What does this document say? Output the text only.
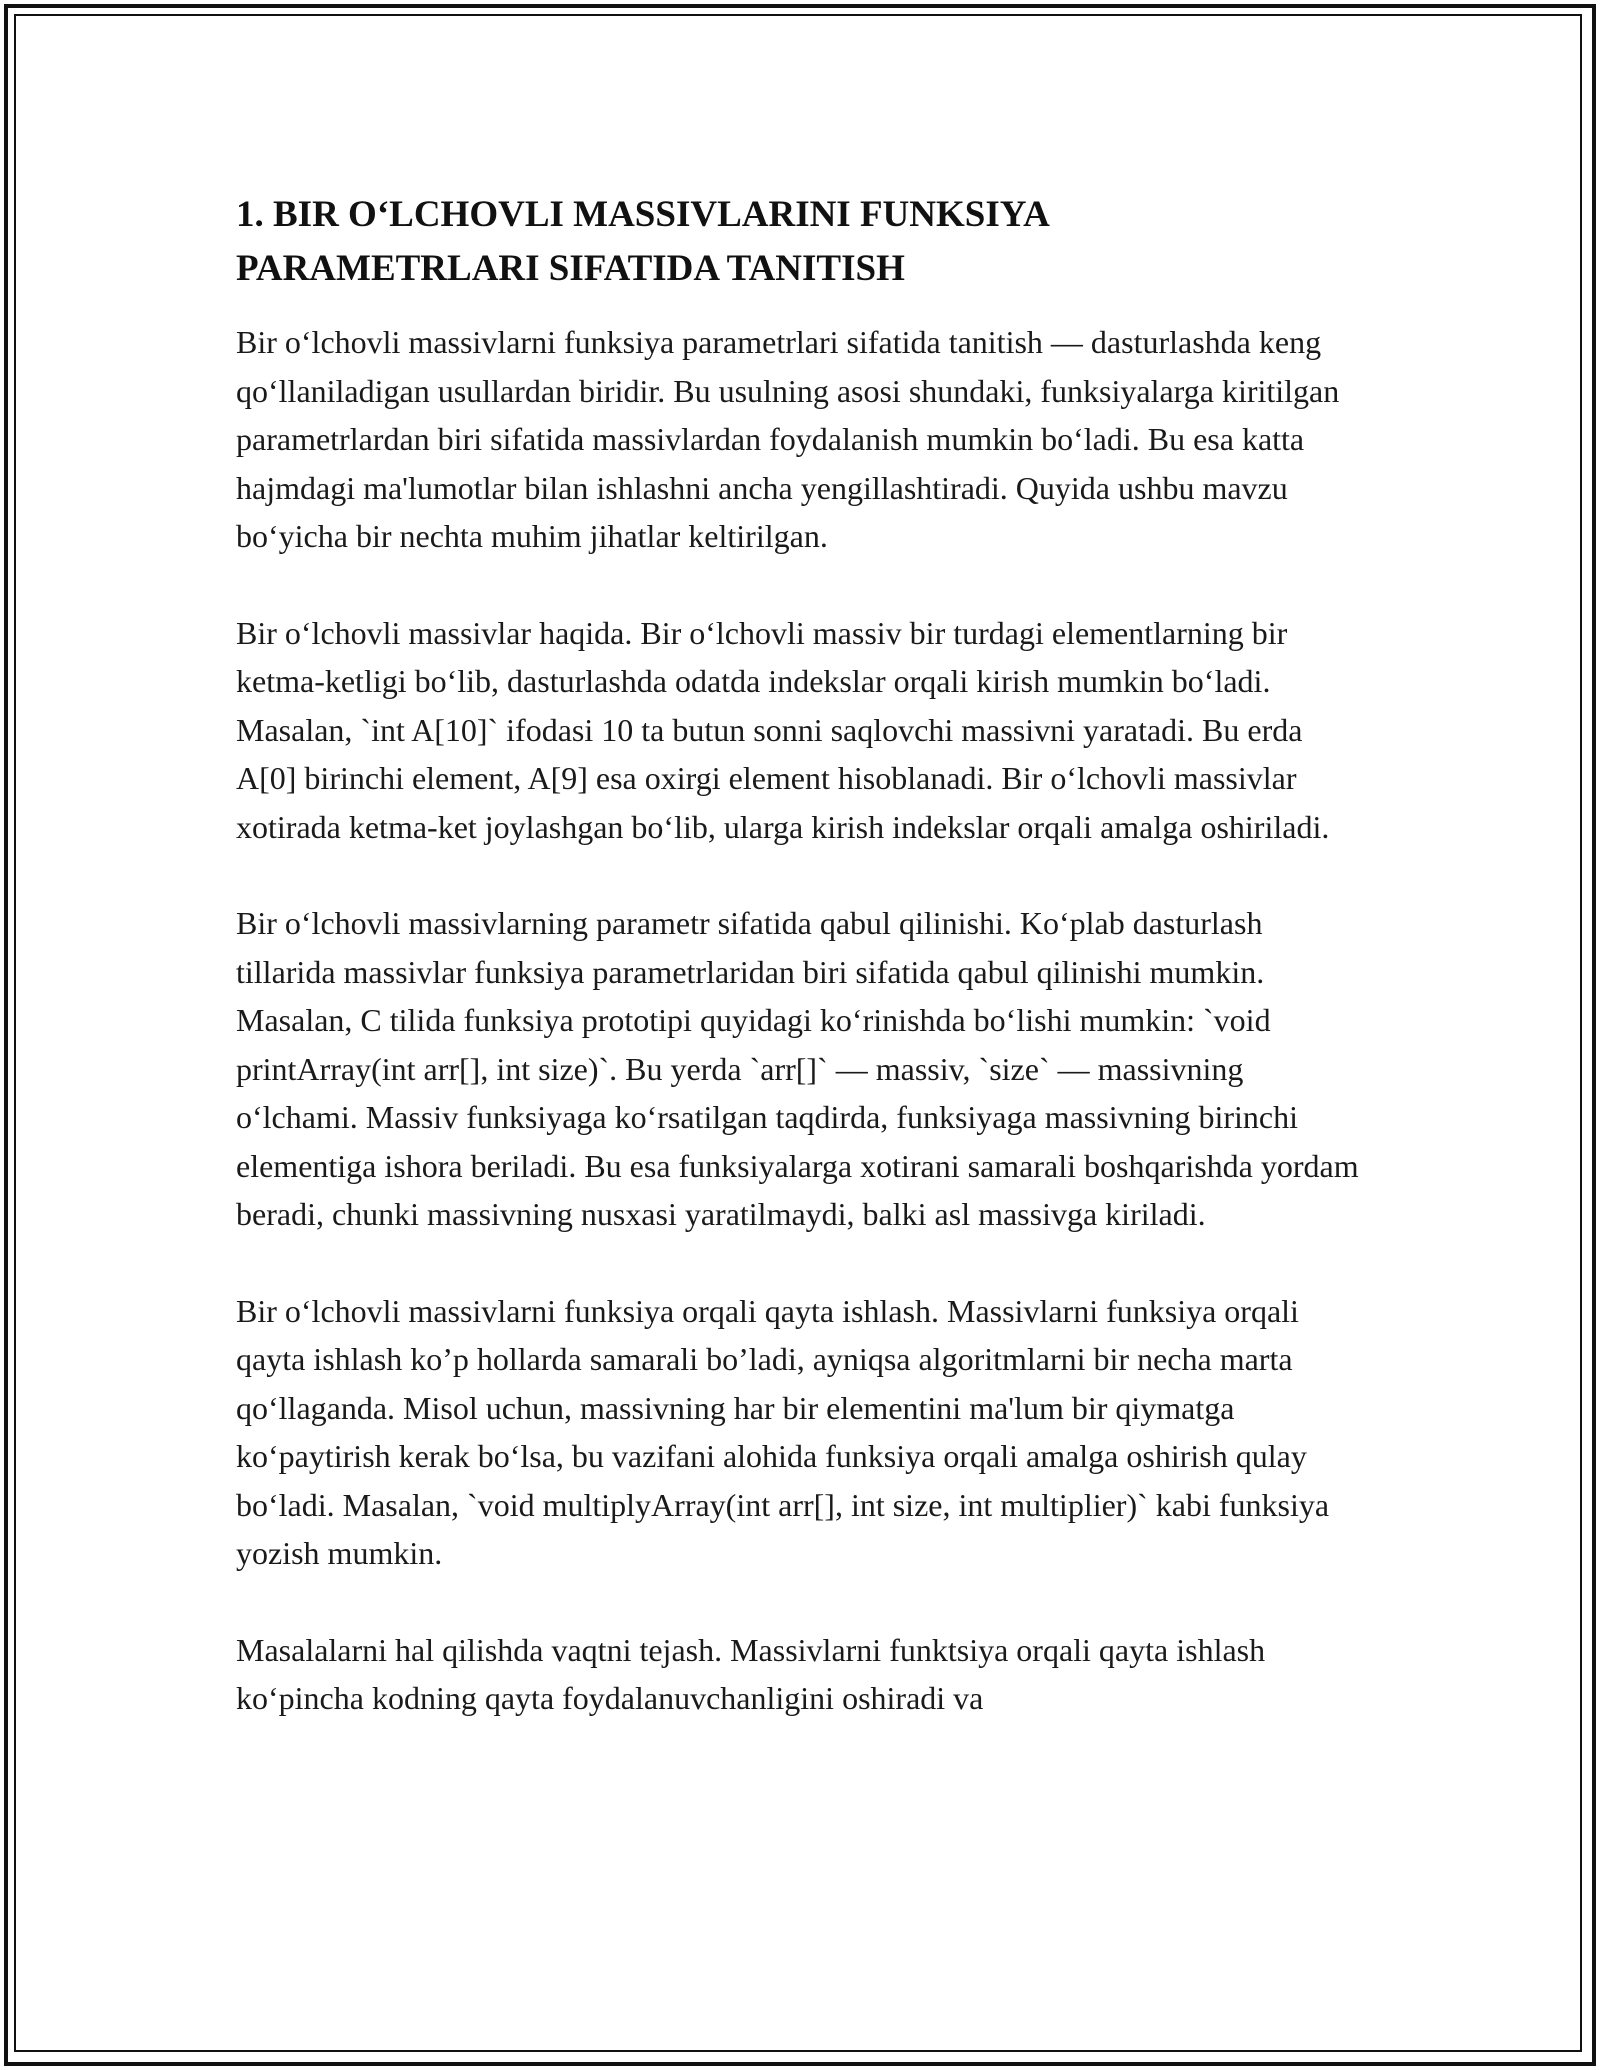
1. BIR O‘LCHOVLI MASSIVLARINI FUNKSIYA
PARAMETRLARI SIFATIDA TANITISH

Bir o‘lchovli massivlarni funksiya parametrlari sifatida tanitish — dasturlashda keng qo‘llaniladigan usullardan biridir. Bu usulning asosi shundaki, funksiyalarga kiritilgan parametrlardan biri sifatida massivlardan foydalanish mumkin bo‘ladi. Bu esa katta hajmdagi ma'lumotlar bilan ishlashni ancha yengillashtiradi. Quyida ushbu mavzu bo‘yicha bir nechta muhim jihatlar keltirilgan.

Bir o‘lchovli massivlar haqida. Bir o‘lchovli massiv bir turdagi elementlarning bir ketma-ketligi bo‘lib, dasturlashda odatda indekslar orqali kirish mumkin bo‘ladi. Masalan, `int A[10]` ifodasi 10 ta butun sonni saqlovchi massivni yaratadi. Bu erda A[0] birinchi element, A[9] esa oxirgi element hisoblanadi. Bir o‘lchovli massivlar xotirada ketma-ket joylashgan bo‘lib, ularga kirish indekslar orqali amalga oshiriladi.

Bir o‘lchovli massivlarning parametr sifatida qabul qilinishi. Ko‘plab dasturlash tillarida massivlar funksiya parametrlaridan biri sifatida qabul qilinishi mumkin. Masalan, C tilida funksiya prototipi quyidagi ko‘rinishda bo‘lishi mumkin: `void printArray(int arr[], int size)`. Bu yerda `arr[]` — massiv, `size` — massivning o‘lchami. Massiv funksiyaga ko‘rsatilgan taqdirda, funksiyaga massivning birinchi elementiga ishora beriladi. Bu esa funksiyalarga xotirani samarali boshqarishda yordam beradi, chunki massivning nusxasi yaratilmaydi, balki asl massivga kiriladi.

Bir o‘lchovli massivlarni funksiya orqali qayta ishlash. Massivlarni funksiya orqali qayta ishlash ko’p hollarda samarali bo’ladi, ayniqsa algoritmlarni bir necha marta qo‘llaganda. Misol uchun, massivning har bir elementini ma'lum bir qiymatga ko‘paytirish kerak bo‘lsa, bu vazifani alohida funksiya orqali amalga oshirish qulay bo‘ladi. Masalan, `void multiplyArray(int arr[], int size, int multiplier)` kabi funksiya yozish mumkin.

Masalalarni hal qilishda vaqtni tejash. Massivlarni funktsiya orqali qayta ishlash ko‘pincha kodning qayta foydalanuvchanligini oshiradi va
